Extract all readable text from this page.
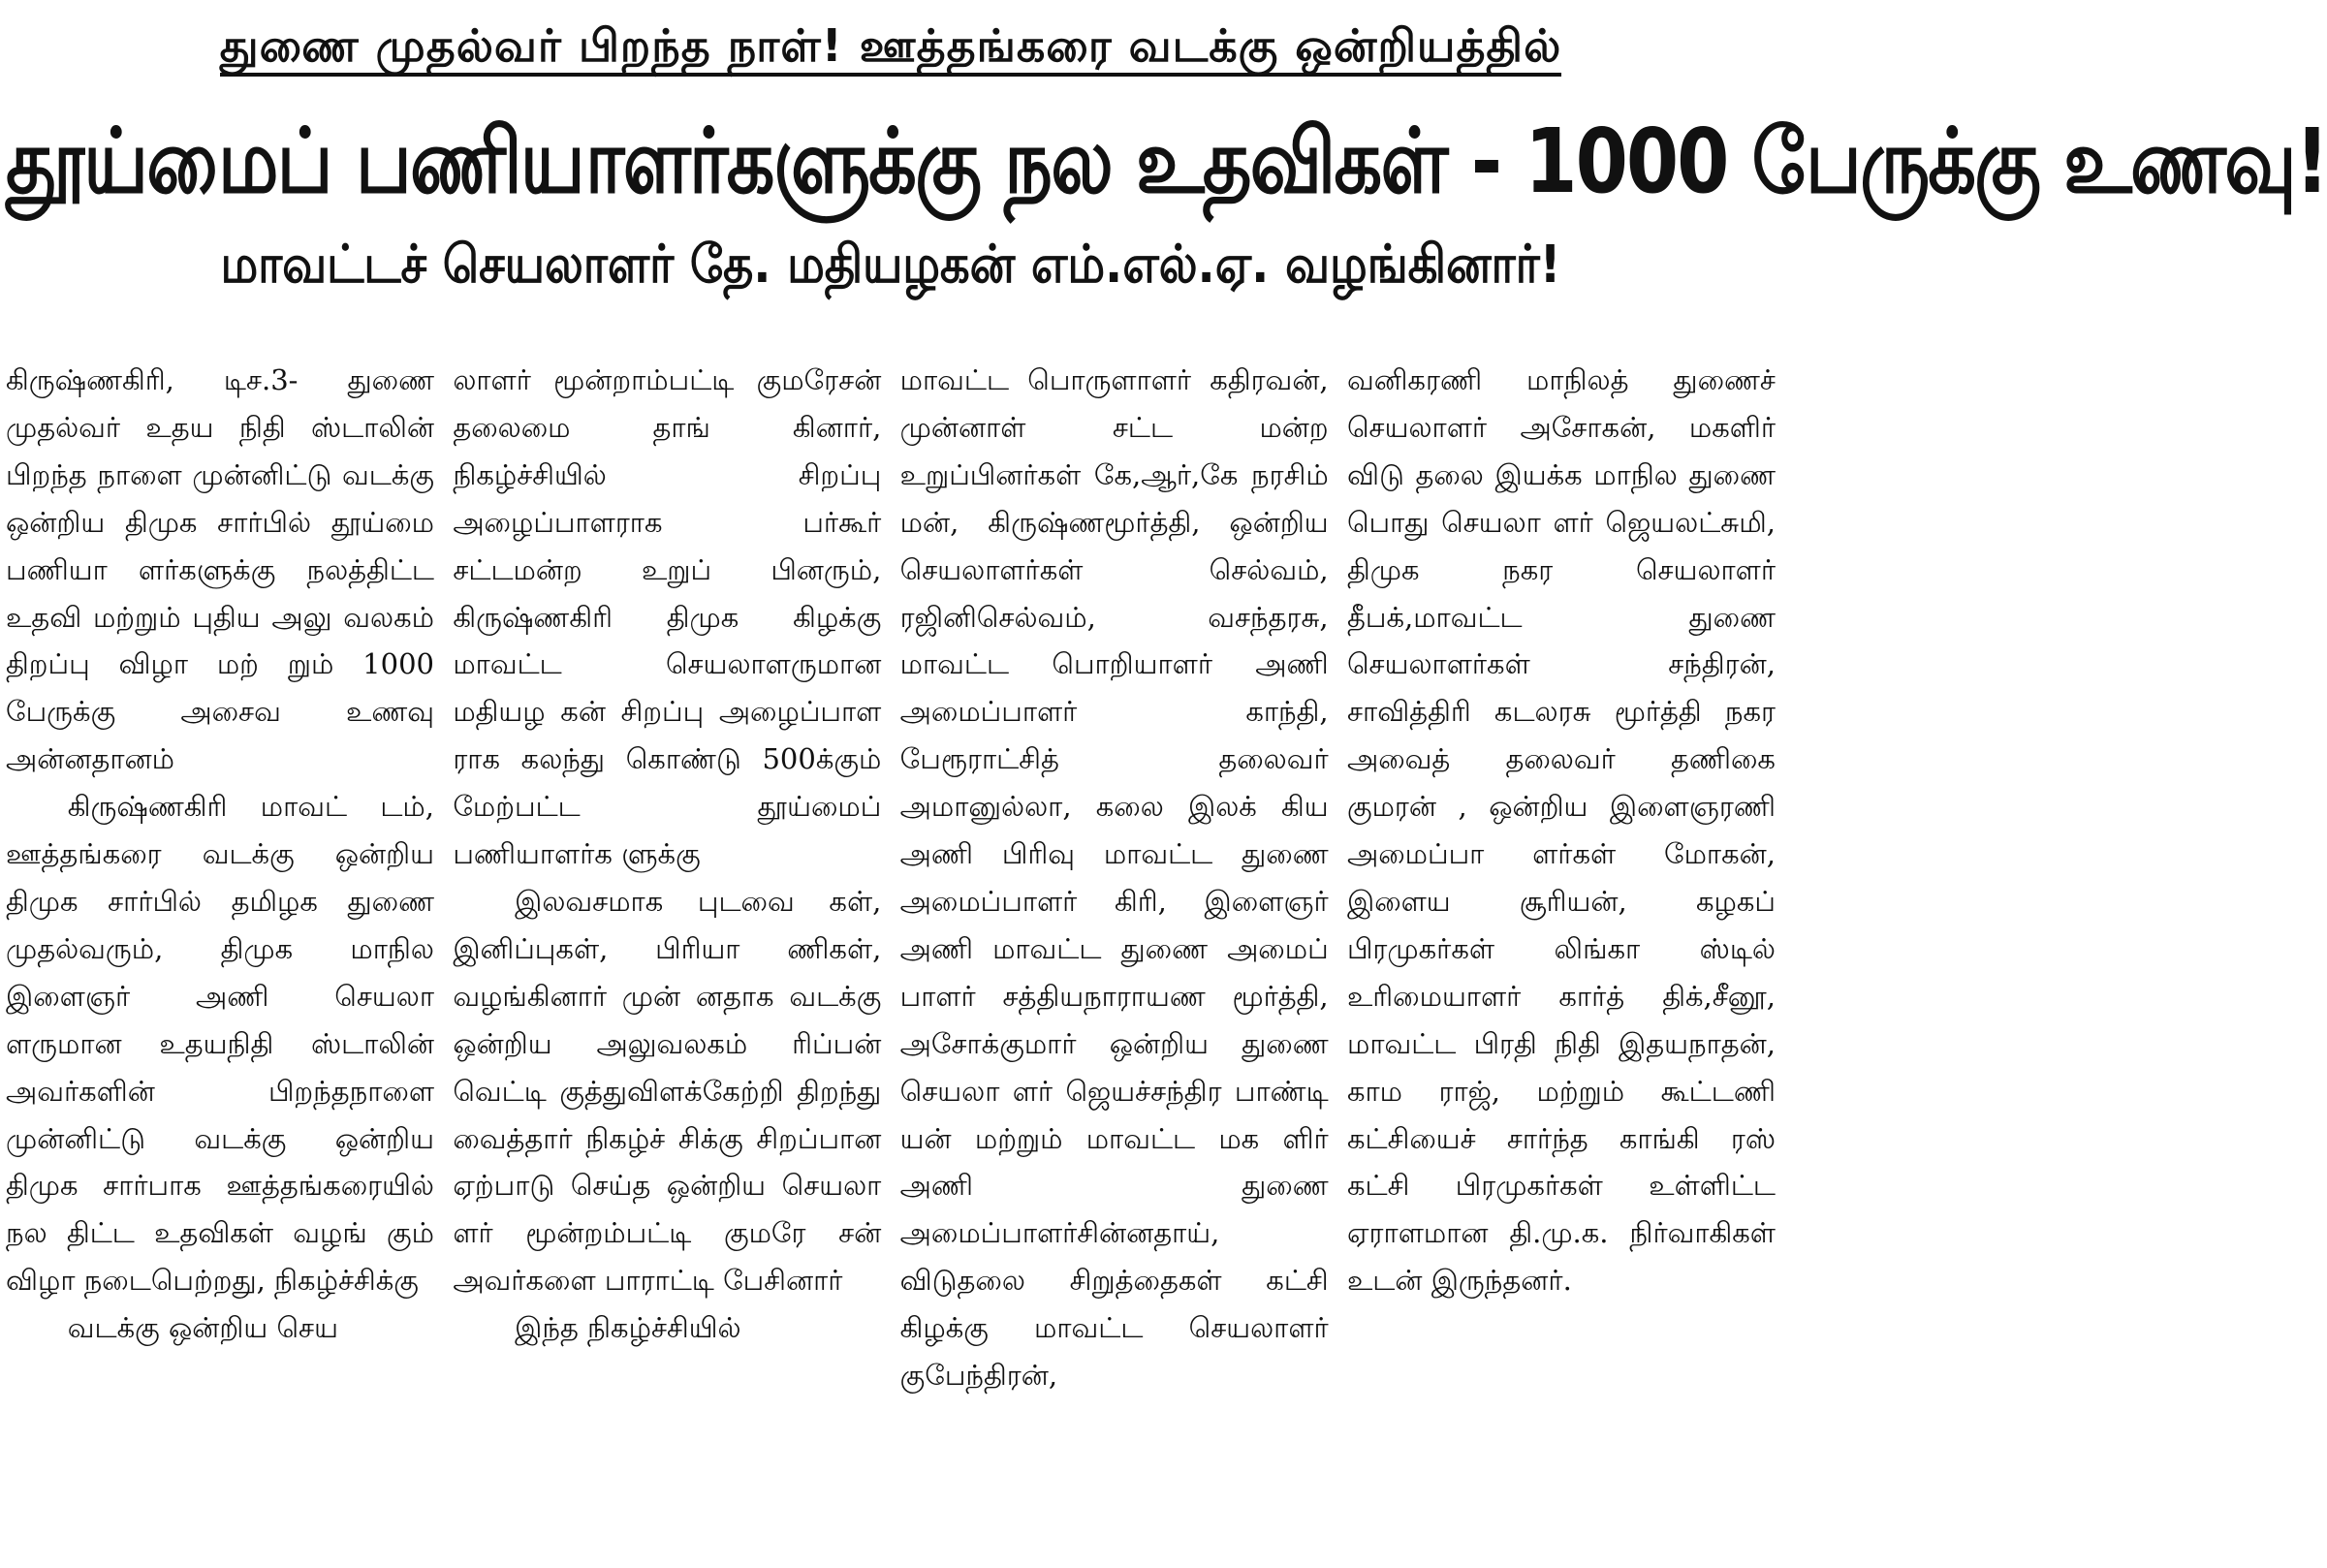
துணை முதல்வர் பிறந்த நாள்! ஊத்தங்கரை வடக்கு ஒன்றியத்தில்
தூய்மைப் பணியாளர்களுக்கு நல உதவிகள் - 1000 பேருக்கு உணவு!
மாவட்டச் செயலாளர் தே. மதியழகன் எம்.எல்.ஏ. வழங்கினார்!

கிருஷ்ணகிரி, டிச.3- துணை முதல்வர் உதய நிதி ஸ்டாலின் பிறந்த நாளை முன்னிட்டு வடக்கு ஒன்றிய திமுக சார்பில் தூய்மை பணியா ளர்களுக்கு நலத்திட்ட உதவி மற்றும் புதிய அலு வலகம் திறப்பு விழா மற் றும் 1000 பேருக்கு அசைவ உணவு அன்னதானம்

கிருஷ்ணகிரி மாவட் டம், ஊத்தங்கரை வடக்கு ஒன்றிய திமுக சார்பில் தமிழக துணை முதல்வரும், திமுக மாநில இளைஞர் அணி செயலா ளருமான உதயநிதி ஸ்டாலின் அவர்களின் பிறந்தநாளை முன்னிட்டு வடக்கு ஒன்றிய திமுக சார்பாக ஊத்தங்கரையில் நல திட்ட உதவிகள் வழங் கும் விழா நடைபெற்றது, நிகழ்ச்சிக்கு

வடக்கு ஒன்றிய செய

லாளர் மூன்றாம்பட்டி குமரேசன் தலைமை தாங் கினார், நிகழ்ச்சியில் சிறப்பு அழைப்பாளராக பர்கூர் சட்டமன்ற உறுப் பினரும், கிருஷ்ணகிரி திமுக கிழக்கு மாவட்ட செயலாளருமான மதியழ கன் சிறப்பு அழைப்பாள ராக கலந்து கொண்டு 500க்கும் மேற்பட்ட தூய்மைப் பணியாளர்க ளுக்கு

இலவசமாக புடவை கள், இனிப்புகள், பிரியா ணிகள், வழங்கினார் முன் னதாக வடக்கு ஒன்றிய அலுவலகம் ரிப்பன் வெட்டி குத்துவிளக்கேற்றி திறந்து வைத்தார் நிகழ்ச் சிக்கு சிறப்பான ஏற்பாடு செய்த ஒன்றிய செயலா ளர் மூன்றம்பட்டி குமரே சன் அவர்களை பாராட்டி பேசினார்

இந்த நிகழ்ச்சியில்

மாவட்ட பொருளாளர் கதிரவன், முன்னாள் சட்ட மன்ற உறுப்பினர்கள் கே,ஆர்,கே நரசிம் மன், கிருஷ்ணமூர்த்தி, ஒன்றிய செயலாளர்கள் செல்வம், ரஜினிசெல்வம், வசந்தரசு, மாவட்ட பொறியாளர் அணி அமைப்பாளர் காந்தி, பேரூராட்சித் தலைவர் அமானுல்லா, கலை இலக் கிய அணி பிரிவு மாவட்ட துணை அமைப்பாளர் கிரி, இளைஞர் அணி மாவட்ட துணை அமைப் பாளர் சத்தியநாராயண மூர்த்தி, அசோக்குமார் ஒன்றிய துணை செயலா ளர் ஜெயச்சந்திர பாண்டி யன் மற்றும் மாவட்ட மக ளிர் அணி துணை அமைப்பாளர்சின்னதாய், விடுதலை சிறுத்தைகள் கட்சி கிழக்கு மாவட்ட செயலாளர் குபேந்திரன்,

வனிகரணி மாநிலத் துணைச் செயலாளர் அசோகன், மகளிர் விடு தலை இயக்க மாநில துணை பொது செயலா ளர் ஜெயலட்சுமி, திமுக நகர செயலாளர் தீபக்,மாவட்ட துணை செயலாளர்கள் சந்திரன், சாவித்திரி கடலரசு மூர்த்தி நகர அவைத் தலைவர் தணிகை குமரன் , ஒன்றிய இளைஞரணி அமைப்பா ளர்கள் மோகன், இளைய சூரியன், கழகப் பிரமுகர்கள் லிங்கா ஸ்டில் உரிமையாளர் கார்த் திக்,சீனூ, மாவட்ட பிரதி நிதி இதயநாதன், காம ராஜ், மற்றும் கூட்டணி கட்சியைச் சார்ந்த காங்கி ரஸ் கட்சி பிரமுகர்கள் உள்ளிட்ட ஏராளமான தி.மு.க. நிர்வாகிகள் உடன் இருந்தனர்.
